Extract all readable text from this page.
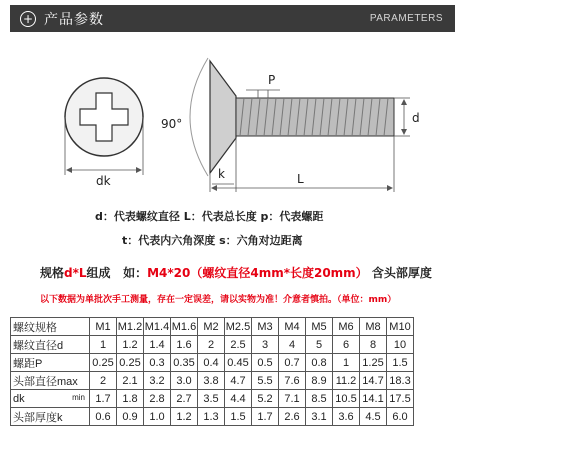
+ 产品参数	PARAMETERS
dk
90°
P
d
k	L
d：代表螺纹直径 L：代表总长度 p：代表螺距
t：代表内六角深度 s：六角对边距离
规格d*L组成   如：M4*20（螺纹直径4mm*长度20mm） 含头部厚度
以下数据为单批次手工测量，存在一定误差，请以实物为准！介意者慎拍。（单位：mm）
螺纹规格	M1	M1.2	M1.4	M1.6	M2	M2.5	M3	M4	M5	M6	M8	M10
螺纹直径d	1	1.2	1.4	1.6	2	2.5	3	4	5	6	8	10
螺距P	0.25	0.25	0.3	0.35	0.4	0.45	0.5	0.7	0.8	1	1.25	1.5
头部直径max	2	2.1	3.2	3.0	3.8	4.7	5.5	7.6	8.9	11.2	14.7	18.3

dk min	1.7	1.8	2.8	2.7	3.5	4.4	5.2	7.1	8.5	10.5	14.1	17.5
头部厚度k	0.6	0.9	1.0	1.2	1.3	1.5	1.7	2.6	3.1	3.6	4.5	6.0
